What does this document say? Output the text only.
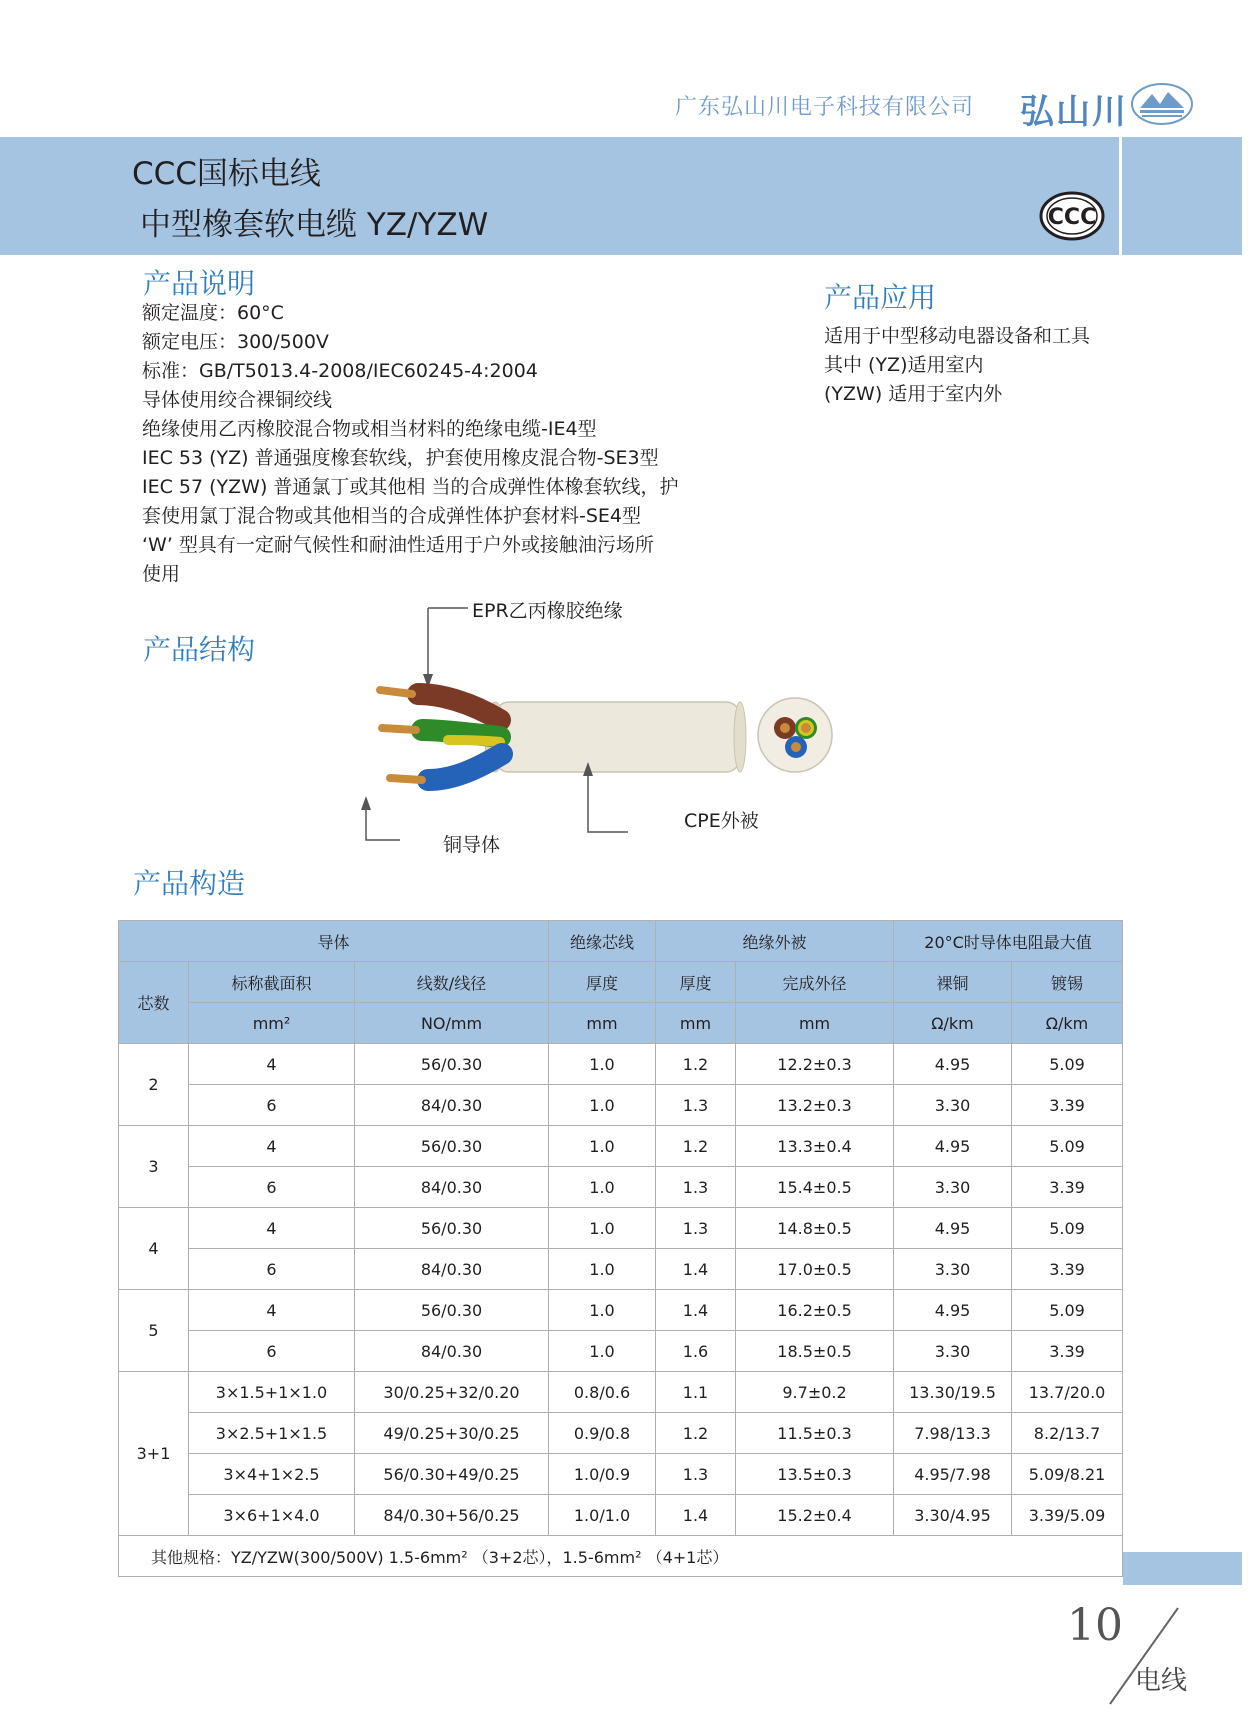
广东弘山川电子科技有限公司 弘山川
CCC国标电线
中型橡套软电缆 YZ/YZW	CCC
产品说明
额定温度：60°C
额定电压：300/500V
标准：GB/T5013.4-2008/IEC60245-4:2004
导体使用绞合裸铜绞线
绝缘使用乙丙橡胶混合物或相当材料的绝缘电缆-IE4型
IEC 53 (YZ) 普通强度橡套软线，护套使用橡皮混合物-SE3型
IEC 57 (YZW) 普通氯丁或其他相 当的合成弹性体橡套软线，护
套使用氯丁混合物或其他相当的合成弹性体护套材料-SE4型
‘W’ 型具有一定耐气候性和耐油性适用于户外或接触油污场所
使用
产品应用
适用于中型移动电器设备和工具
其中 (YZ)适用室内
(YZW) 适用于室内外
产品结构
EPR乙丙橡胶绝缘
CPE外被
铜导体
产品构造
导体			绝缘芯线	绝缘外被		20°C时导体电阻最大值	
芯数	标称截面积	线数/线径	厚度	厚度	完成外径	裸铜	镀锡
	mm²	NO/mm	mm	mm	mm	Ω/km	Ω/km
2	4	56/0.30	1.0	1.2	12.2±0.3	4.95	5.09
	6	84/0.30	1.0	1.3	13.2±0.3	3.30	3.39
3	4	56/0.30	1.0	1.2	13.3±0.4	4.95	5.09
	6	84/0.30	1.0	1.3	15.4±0.5	3.30	3.39
4	4	56/0.30	1.0	1.3	14.8±0.5	4.95	5.09
	6	84/0.30	1.0	1.4	17.0±0.5	3.30	3.39
5	4	56/0.30	1.0	1.4	16.2±0.5	4.95	5.09
	6	84/0.30	1.0	1.6	18.5±0.5	3.30	3.39
3+1	3×1.5+1×1.0	30/0.25+32/0.20	0.8/0.6	1.1	9.7±0.2	13.30/19.5	13.7/20.0
	3×2.5+1×1.5	49/0.25+30/0.25	0.9/0.8	1.2	11.5±0.3	7.98/13.3	8.2/13.7
	3×4+1×2.5	56/0.30+49/0.25	1.0/0.9	1.3	13.5±0.3	4.95/7.98	5.09/8.21
	3×6+1×4.0	84/0.30+56/0.25	1.0/1.0	1.4	15.2±0.4	3.30/4.95	3.39/5.09
其他规格：YZ/YZW(300/500V) 1.5-6mm² （3+2芯），1.5-6mm² （4+1芯）							
10
电线
